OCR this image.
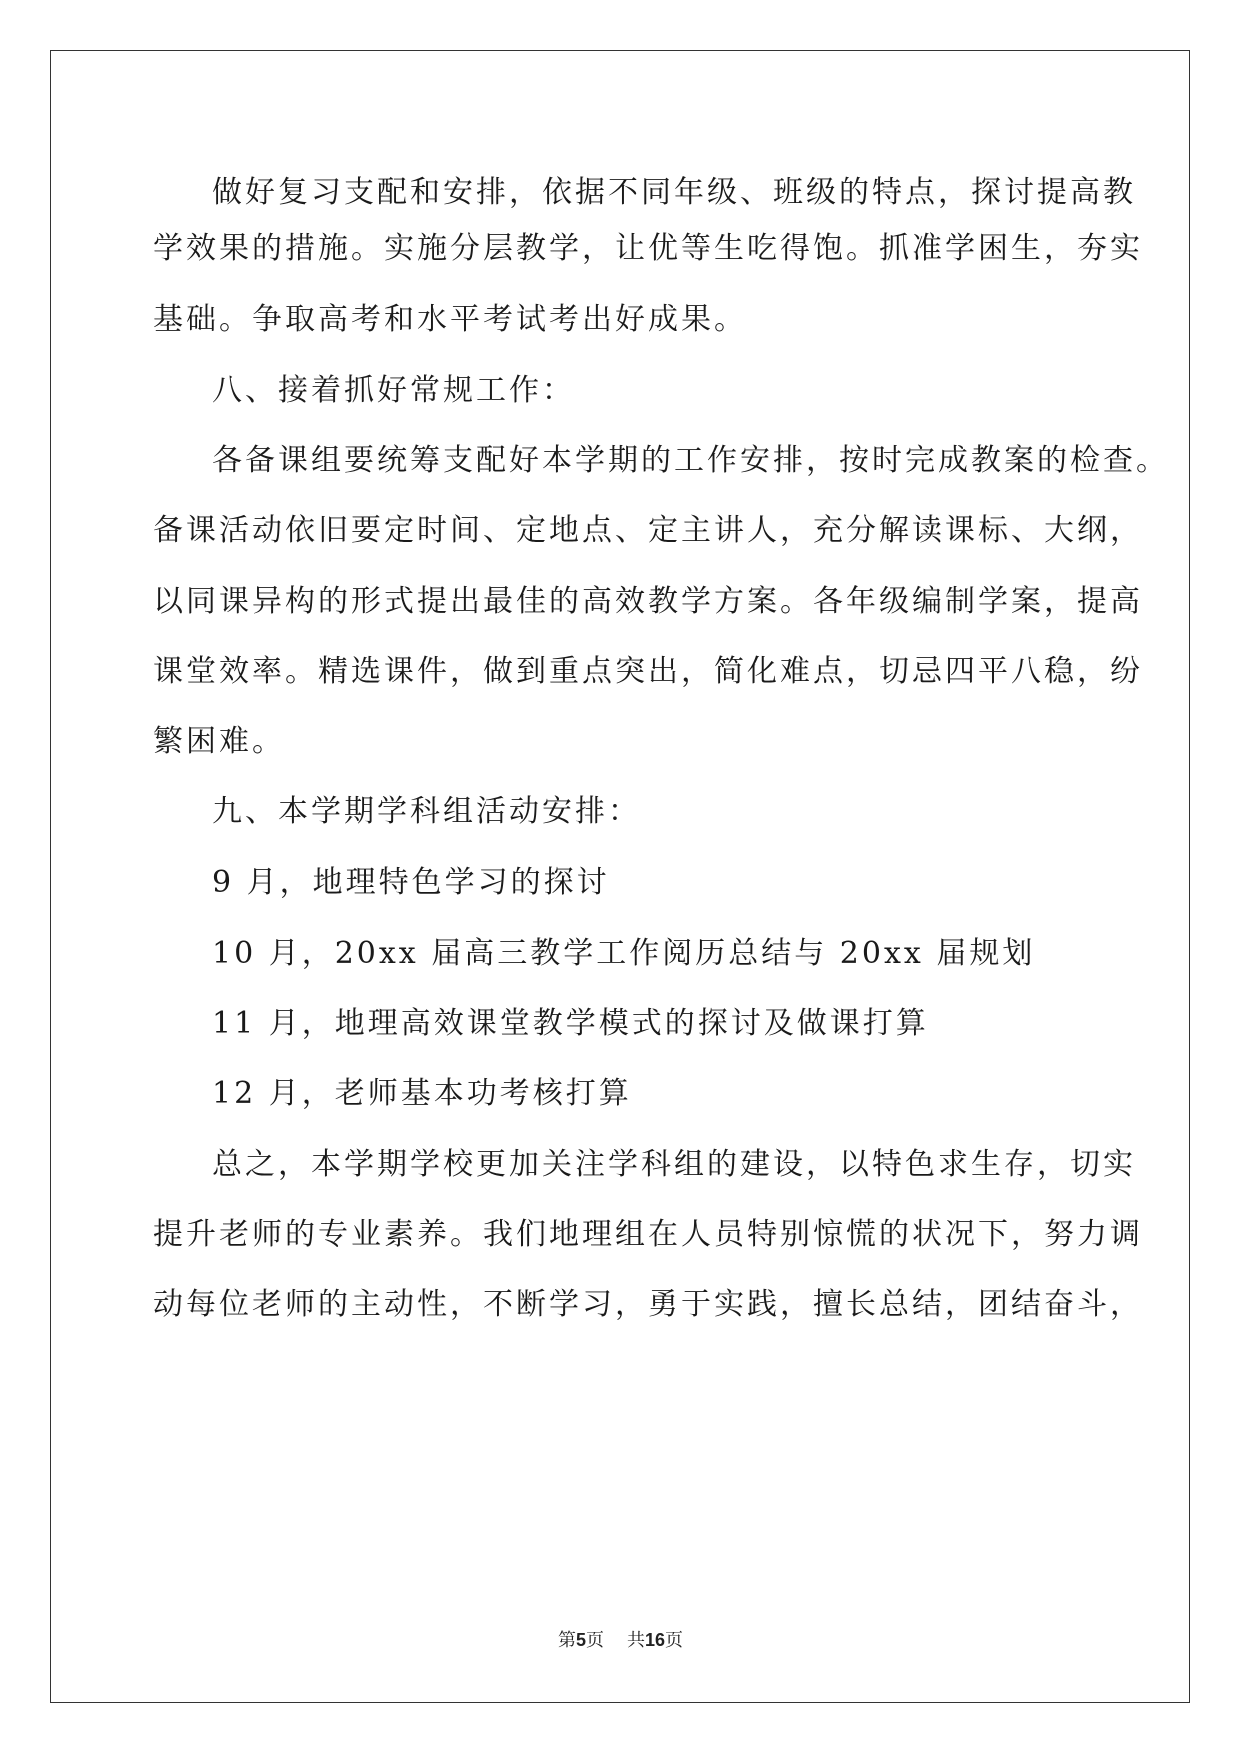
做好复习支配和安排，依据不同年级、班级的特点，探讨提高教
学效果的措施。实施分层教学，让优等生吃得饱。抓准学困生，夯实
基础。争取高考和水平考试考出好成果。
八、接着抓好常规工作：
各备课组要统筹支配好本学期的工作安排，按时完成教案的检查。
备课活动依旧要定时间、定地点、定主讲人，充分解读课标、大纲，
以同课异构的形式提出最佳的高效教学方案。各年级编制学案，提高
课堂效率。精选课件，做到重点突出，简化难点，切忌四平八稳，纷
繁困难。
九、本学期学科组活动安排：
9 月，地理特色学习的探讨
10 月，20xx 届高三教学工作阅历总结与 20xx 届规划
11 月，地理高效课堂教学模式的探讨及做课打算
12 月，老师基本功考核打算
总之，本学期学校更加关注学科组的建设，以特色求生存，切实
提升老师的专业素养。我们地理组在人员特别惊慌的状况下，努力调
动每位老师的主动性，不断学习，勇于实践，擅长总结，团结奋斗，
第5页 共16页
